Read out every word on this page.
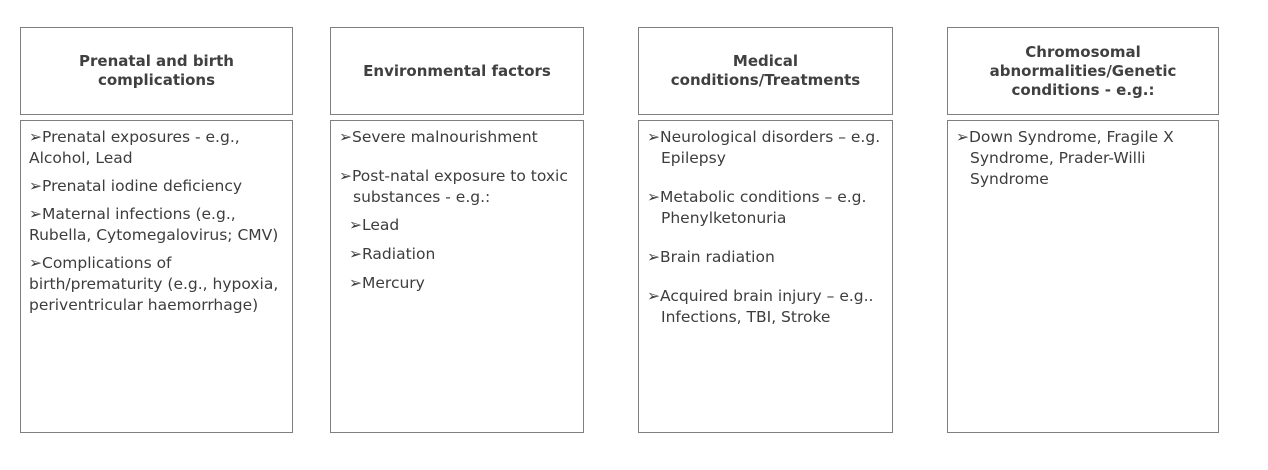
Prenatal and birth complications
➢Prenatal exposures - e.g., Alcohol, Lead
➢Prenatal iodine deficiency
➢Maternal infections (e.g., Rubella, Cytomegalovirus; CMV)
➢Complications of birth/prematurity (e.g., hypoxia, periventricular haemorrhage)
Environmental factors
➢Severe malnourishment
➢Post-natal exposure to toxic substances - e.g.:
➢Lead
➢Radiation
➢Mercury
Medical conditions/Treatments
➢Neurological disorders – e.g. Epilepsy
➢Metabolic conditions – e.g. Phenylketonuria
➢Brain radiation
➢Acquired brain injury – e.g.. Infections, TBI, Stroke
Chromosomal abnormalities/Genetic conditions - e.g.:
➢Down Syndrome, Fragile X Syndrome, Prader-Willi Syndrome
